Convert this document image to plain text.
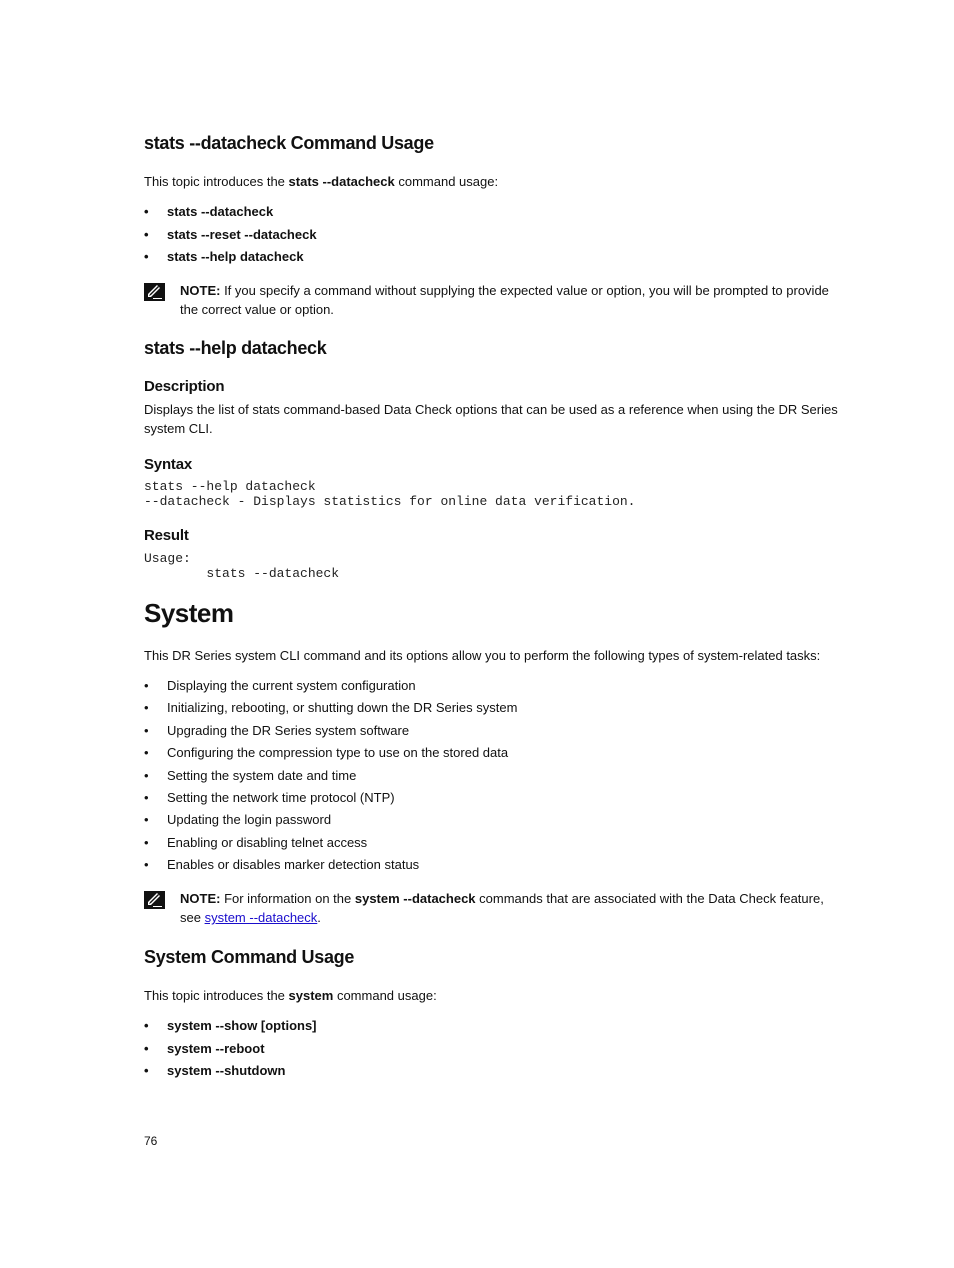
stats --datacheck Command Usage

This topic introduces the stats --datacheck command usage:

• stats --datacheck
• stats --reset --datacheck
• stats --help datacheck
NOTE: If you specify a command without supplying the expected value or option, you will be prompted to provide the correct value or option.
stats --help datacheck
Description

Displays the list of stats command-based Data Check options that can be used as a reference when using the DR Series system CLI.

Syntax
stats --help datacheck
--datacheck - Displays statistics for online data verification.
Result
Usage:
stats --datacheck
System

This DR Series system CLI command and its options allow you to perform the following types of system-related tasks:

• Displaying the current system configuration
• Initializing, rebooting, or shutting down the DR Series system
• Upgrading the DR Series system software
• Configuring the compression type to use on the stored data
• Setting the system date and time
• Setting the network time protocol (NTP)
• Updating the login password
• Enabling or disabling telnet access
• Enables or disables marker detection status
NOTE: For information on the system --datacheck commands that are associated with the Data Check feature, see system --datacheck.
System Command Usage

This topic introduces the system command usage:

• system --show [options]
• system --reboot
• system --shutdown
76
